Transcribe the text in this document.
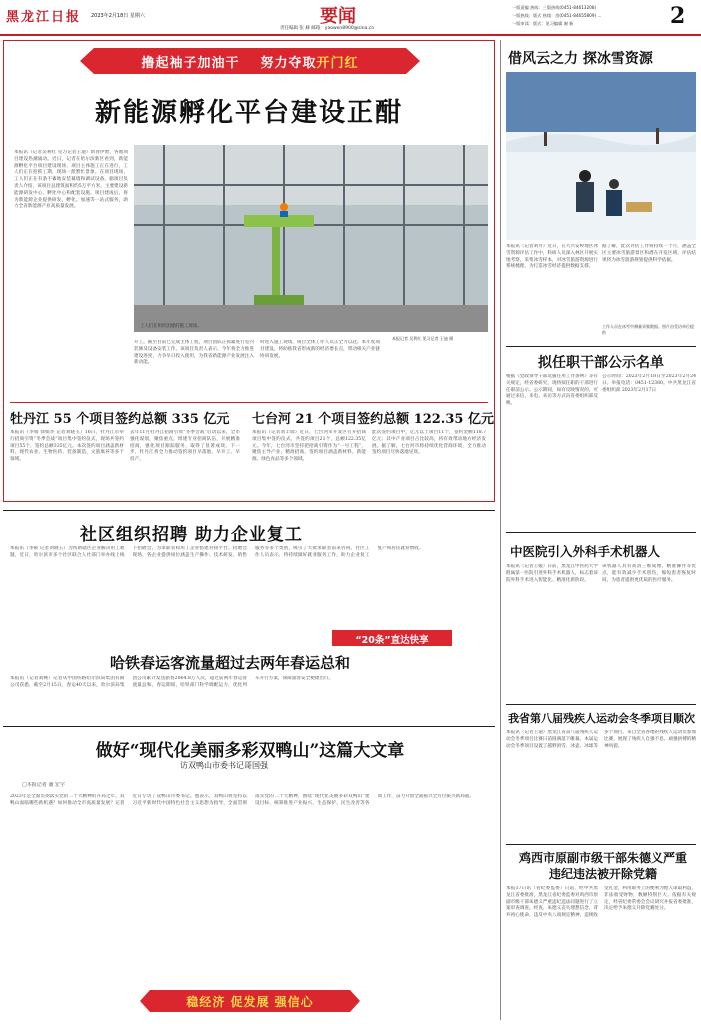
黑龙江日报 2023年2月18日 星期六	要闻
责任编辑 张 赫 邮箱：yaowen8900@sina.cn
一版责编 热线：三版热线(0451-84613208)
一版热线：版式 热线：房(0451-84655809) ...
一版审读：版式：见习编辑 谢 新	2
撸起袖子加油干 努力夺取开门红
新能源孵化平台建设正酣
本报讯（记者吴利红 见习记者王迪）新春伊始，各地项目建设热潮涌动。近日，记者在哈尔滨新区看到，新能源孵化平台项目建设现场，项目主体施工正在进行，工人们正在抢抓工期，现场一派繁忙景象。在项目现场，工人们正在有条不紊地安装幕墙和调试设备。据项目负责人介绍，该项目总建筑面积约5万平方米，主要建设新能源研发中心、孵化中心和配套设施。项目建成后，将为新能源企业提供研发、孵化、加速等一站式服务，助力全省新能源产业高质量发展。
工人们在组织团建的施工现场。
本报记者 吴利红 见习记者 王迪 摄
开工。截至目前已完成主体工程，项目团队正抓紧进行室内装修及设备安装工作。该项目负责人表示，今年将全力推进建设进度，力争早日投入使用，为我省新能源产业发展注入新动能。
时进入施工现场，项目全体工作人员正全力以赴。本年度项目建设，将助推我省形成新的经济增长点，带动相关产业链协同发展。
牡丹江 55 个项目签约总额 335 亿元
本报讯（李娟 徐娟李 记者刘晓玉）16日，牡丹江市举行招商引资“冬季会战”项目集中签约仪式，现场共签约项目55个，签约总额335亿元。本次签约项目涵盖新材料、现代农业、生物医药、装备制造、文旅康养等多个领域。
去年11月牡丹江招商引资“冬季会战”启动以来，全市强化谋划，聚焦重点，组建专业招商队伍，开展精准招商，强化项目跟踪服务，取得了显著成效。下一步，牡丹江将全力推动签约项目早落地、早开工、早投产。
七台河 21 个项目签约总额 122.35 亿元
本报讯（记者刘丰瑞）近日，七台河市开发区召开招商项目集中签约仪式，共签约项目21个，总额122.35亿元。今年，七台河市坚持把招商引资作为“一号工程”，聚焦主导产业，精准招商，签约项目涵盖新材料、新能源、绿色食品等多个领域。
此次签约项目中，亿元以上项目11个，签约金额118.7亿元；其中产业项目占比较高，将有效带动地方经济发展。据了解，七台河市将持续优化营商环境，全力推动签约项目尽快落地见效。
借风云之力 探冰雪资源
本报讯（记者刘丹）近日，在大兴安岭地区冰雪资源评估工作中，科研人员深入林区开展实地考察，采集冰雪样本，对冰雪旅游资源进行系统梳理，为打造冰雪经济提供数据支撑。
据了解，此次评估工作将持续一个月，涵盖全区主要冰雪旅游景区和潜在开发区域，评估结果将为冰雪旅游规划提供科学依据。
工作人员在冰雪中测量采集数据。图片由受访单位提供
拟任职干部公示名单
根据《党政领导干部选拔任用工作条例》等有关规定，经省委研究，现将拟任职的干部进行任职前公示。公示期间，如有反映情况的，可通过来信、来电、来访等方式向省委组织部反映。
公示时间：2023年2月18日至2023年2月24日。举报电话：0451-12380。中共黑龙江省委组织部 2023年2月17日
中医院引入外科手术机器人
本报讯（记者王媛）日前，黑龙江中医药大学附属第一医院引进外科手术机器人，标志着该院外科手术进入智能化、精准化新阶段。
该机器人具有高清三维成像、精准操作等优点，能有效减少手术创伤，缩短患者恢复时间，为患者提供更优质的医疗服务。
我省第八届残疾人运动会冬季项目顺次
本报讯（记者王迪）黑龙江省第八届残疾人运动会冬季项目比赛日前圆满落下帷幕。本届运动会冬季项目设置了越野滑雪、冰壶、冰球等多个项目，来自全省各地的残疾人运动员参加比赛，展现了残疾人自强不息、顽强拼搏的精神风貌。
鸡西市原副市级干部朱德义严重违纪违法被开除党籍
本报17日讯（省纪委监委）日前，经中共黑龙江省委批准，黑龙江省纪委监委对鸡西市原副市级干部朱德义严重违纪违法问题进行了立案审查调查。经查，朱德义丧失理想信念，背弃初心使命，违反中央八项规定精神，违规收受礼金，利用职务上的便利为他人谋取利益，非法收受财物，数额特别巨大。依据有关规定，经省纪委常委会会议研究并报省委批准，决定给予朱德义开除党籍处分。
社区组织招聘 助力企业复工
本报讯（李硕 记者刘晓玉）为帮助辖区企业解决用工难题，近日，哈尔滨市多个社区联合人社部门举办线上线下招聘会，为求职者和用工企业搭建对接平台。招聘会现场，各企业提供岗位涵盖生产操作、技术研发、销售服务等多个类别，吸引了大批求职者前来咨询。社区工作人员表示，将持续做好就业服务工作，助力企业复工复产和居民就业增收。
“20条”直达快享
哈铁春运客流量超过去两年春运总和
本报讯（记者刘畅）记者从中国铁路哈尔滨局集团有限公司获悉，截至2月15日，春运40天以来，哈尔滨局集团公司累计发送旅客2064.8万人次，超过前两年春运客流量总和。春运期间，哈铁部门科学调配运力，优化列车开行方案，保障旅客安全便捷出行。
做好“现代化美丽多彩双鸭山”这篇大文章
访双鸭山市委书记哥国强
□本报记者 潘 宏宇
2023年是全面贯彻落实党的二十大精神的开局之年，双鸭山面临哪些新机遇？如何推动全市高质量发展？记者近日专访了双鸭山市委书记。他表示，双鸭山将坚持以习近平新时代中国特色社会主义思想为指导，全面贯彻落实党的二十大精神，围绕“现代化美丽多彩双鸭山”建设目标，统筹推进产业振兴、生态保护、民生改善等各项工作，奋力开创全面振兴全方位振兴新局面。
稳经济 促发展 强信心
